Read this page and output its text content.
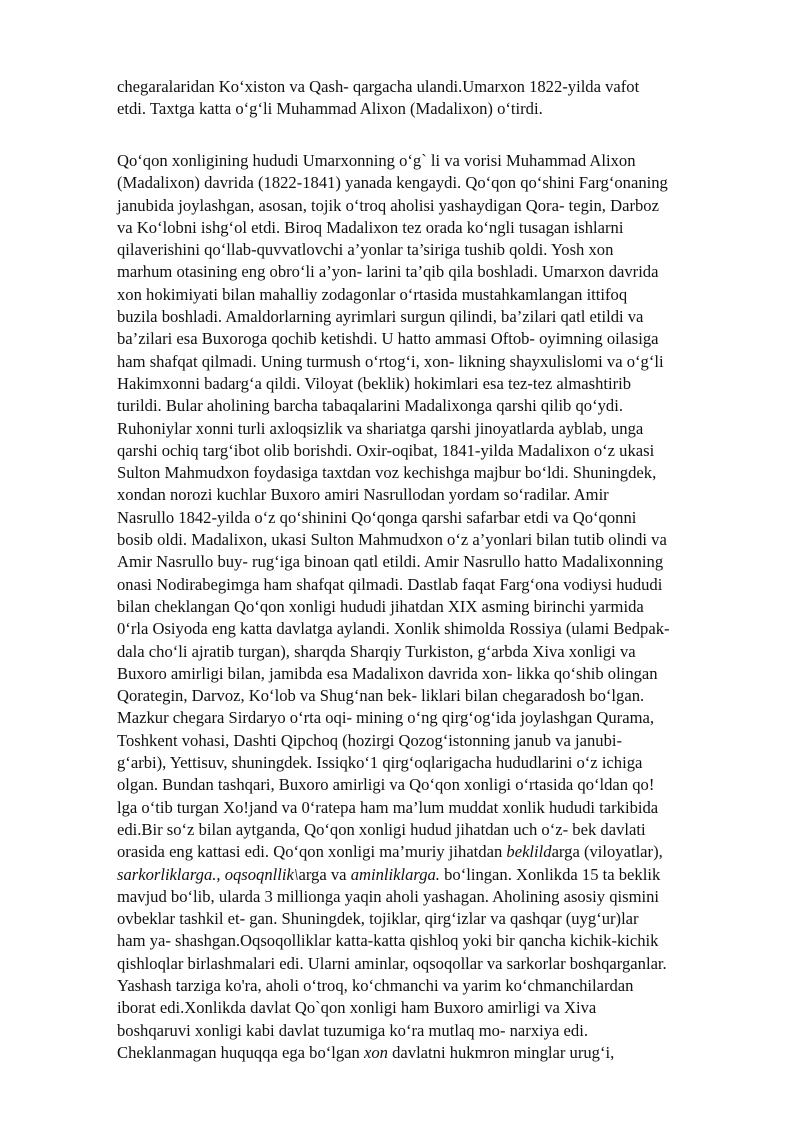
chegaralaridan Ko‘xiston va Qash- qargacha ulandi.Umarxon 1822-yilda vafot
etdi. Taxtga katta o‘g‘li Muhammad Alixon (Madalixon) o‘tirdi.

Qo‘qon xonligining hududi Umarxonning o‘g` li va vorisi Muhammad Alixon
(Madalixon) davrida (1822-1841) yanada kengaydi. Qo‘qon qo‘shini Farg‘onaning
janubida joylashgan, asosan, tojik o‘troq aholisi yashaydigan Qora- tegin, Darboz
va Ko‘lobni ishg‘ol etdi. Biroq Madalixon tez orada ko‘ngli tusagan ishlarni
qilaverishini qo‘llab-quvvatlovchi a’yonlar ta’siriga tushib qoldi. Yosh xon
marhum otasining eng obro‘li a’yon- larini ta’qib qila boshladi. Umarxon davrida
xon hokimiyati bilan mahalliy zodagonlar o‘rtasida mustahkamlangan ittifoq
buzila boshladi. Amaldorlarning ayrimlari surgun qilindi, ba’zilari qatl etildi va
ba’zilari esa Buxoroga qochib ketishdi. U hatto ammasi Oftob- oyimning oilasiga
ham shafqat qilmadi. Uning turmush o‘rtog‘i, xon- likning shayxulislomi va o‘g‘li
Hakimxonni badarg‘a qildi. Viloyat (beklik) hokimlari esa tez-tez almashtirib
turildi. Bular aholining barcha tabaqalarini Madalixonga qarshi qilib qo‘ydi.
Ruhoniylar xonni turli axloqsizlik va shariatga qarshi jinoyatlarda ayblab, unga
qarshi ochiq targ‘ibot olib borishdi. Oxir-oqibat, 1841-yilda Madalixon o‘z ukasi
Sulton Mahmudxon foydasiga taxtdan voz kechishga majbur bo‘ldi. Shuningdek,
xondan norozi kuchlar Buxoro amiri Nasrullodan yordam so‘radilar. Amir
Nasrullo 1842-yilda o‘z qo‘shinini Qo‘qonga qarshi safarbar etdi va Qo‘qonni
bosib oldi. Madalixon, ukasi Sulton Mahmudxon o‘z a’yonlari bilan tutib olindi va
Amir Nasrullo buy- rug‘iga binoan qatl etildi. Amir Nasrullo hatto Madalixonning
onasi Nodirabegimga ham shafqat qilmadi. Dastlab faqat Farg‘ona vodiysi hududi
bilan cheklangan Qo‘qon xonligi hududi jihatdan XIX asming birinchi yarmida
0‘rla Osiyoda eng katta davlatga aylandi. Xonlik shimolda Rossiya (ulami Bedpak-
dala cho‘li ajratib turgan), sharqda Sharqiy Turkiston, g‘arbda Xiva xonligi va
Buxoro amirligi bilan, jamibda esa Madalixon davrida xon- likka qo‘shib olingan
Qorategin, Darvoz, Ko‘lob va Shug‘nan bek- liklari bilan chegaradosh bo‘lgan.
Mazkur chegara Sirdaryo o‘rta oqi- mining o‘ng qirg‘og‘ida joylashgan Qurama,
Toshkent vohasi, Dashti Qipchoq (hozirgi Qozog‘istonning janub va janubi-
g‘arbi), Yettisuv, shuningdek. Issiqko‘1 qirg‘oqlarigacha hududlarini o‘z ichiga
olgan. Bundan tashqari, Buxoro amirligi va Qo‘qon xonligi o‘rtasida qo‘ldan qo!
lga o‘tib turgan Xo!jand va 0‘ratepa ham ma’lum muddat xonlik hududi tarkibida
edi.Bir so‘z bilan aytganda, Qo‘qon xonligi hudud jihatdan uch o‘z- bek davlati
orasida eng kattasi edi. Qo‘qon xonligi ma’muriy jihatdan beklildarga (viloyatlar),
sarkorliklarga., oqsoqnllik\arga va aminliklarga. bo‘lingan. Xonlikda 15 ta beklik
mavjud bo‘lib, ularda 3 millionga yaqin aholi yashagan. Aholining asosiy qismini
ovbeklar tashkil et- gan. Shuningdek, tojiklar, qirg‘izlar va qashqar (uyg‘ur)lar
ham ya- shashgan.Oqsoqolliklar katta-katta qishloq yoki bir qancha kichik-kichik
qishloqlar birlashmalari edi. Ularni aminlar, oqsoqollar va sarkorlar boshqarganlar.
Yashash tarziga ko'ra, aholi o‘troq, ko‘chmanchi va yarim ko‘chmanchilardan
iborat edi.Xonlikda davlat Qo`qon xonligi ham Buxoro amirligi va Xiva
boshqaruvi xonligi kabi davlat tuzumiga ko‘ra mutlaq mo- narxiya edi.
Cheklanmagan huquqqa ega bo‘lgan xon davlatni hukmron minglar urug‘i,
